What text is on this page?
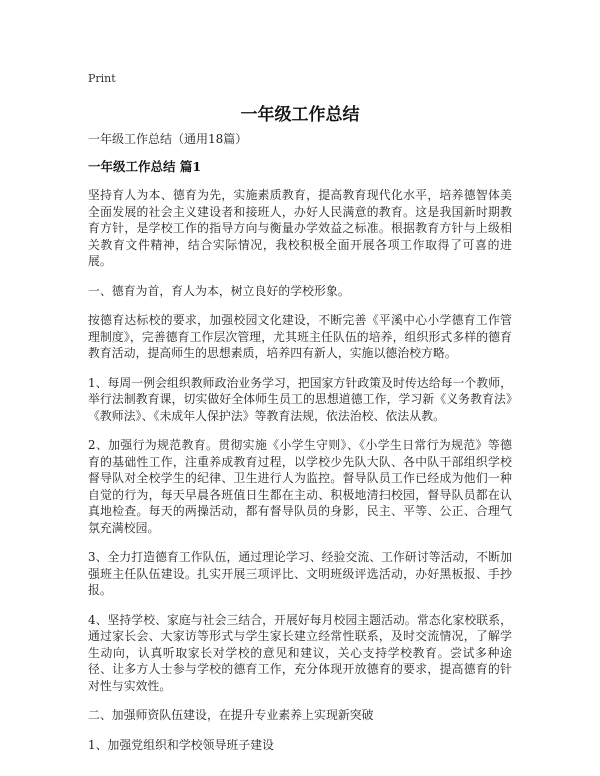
Print
一年级工作总结

一年级工作总结（通用18篇）

一年级工作总结 篇1

坚持育人为本、德育为先，实施素质教育，提高教育现代化水平，培养德智体美全面发展的社会主义建设者和接班人，办好人民满意的教育。这是我国新时期教育方针，是学校工作的指导方向与衡量办学效益之标准。根据教育方针与上级相关教育文件精神，结合实际情况，我校积极全面开展各项工作取得了可喜的进展。

一、德育为首，育人为本，树立良好的学校形象。

按德育达标校的要求，加强校园文化建设，不断完善《平溪中心小学德育工作管理制度》，完善德育工作层次管理，尤其班主任队伍的培养，组织形式多样的德育教育活动，提高师生的思想素质，培养四有新人，实施以德治校方略。

1、每周一例会组织教师政治业务学习，把国家方针政策及时传达给每一个教师，举行法制教育课，切实做好全体师生员工的思想道德工作，学习新《义务教育法》《教师法》、《未成年人保护法》等教育法规，依法治校、依法从教。

2、加强行为规范教育。贯彻实施《小学生守则》、《小学生日常行为规范》等德育的基础性工作，注重养成教育过程，以学校少先队大队、各中队干部组织学校督导队对全校学生的纪律、卫生进行人为监控。督导队员工作已经成为他们一种自觉的行为，每天早晨各班值日生都在主动、积极地清扫校园，督导队员都在认真地检查。每天的两操活动，都有督导队员的身影，民主、平等、公正、合理气氛充满校园。

3、全力打造德育工作队伍，通过理论学习、经验交流、工作研讨等活动，不断加强班主任队伍建设。扎实开展三项评比、文明班级评选活动，办好黑板报、手抄报。

4、坚持学校、家庭与社会三结合，开展好每月校园主题活动。常态化家校联系，通过家长会、大家访等形式与学生家长建立经常性联系，及时交流情况，了解学生动向，认真听取家长对学校的意见和建议，关心支持学校教育。尝试多种途径、让多方人士参与学校的德育工作，充分体现开放德育的要求，提高德育的针对性与实效性。

二、加强师资队伍建设，在提升专业素养上实现新突破

1、加强党组织和学校领导班子建设
